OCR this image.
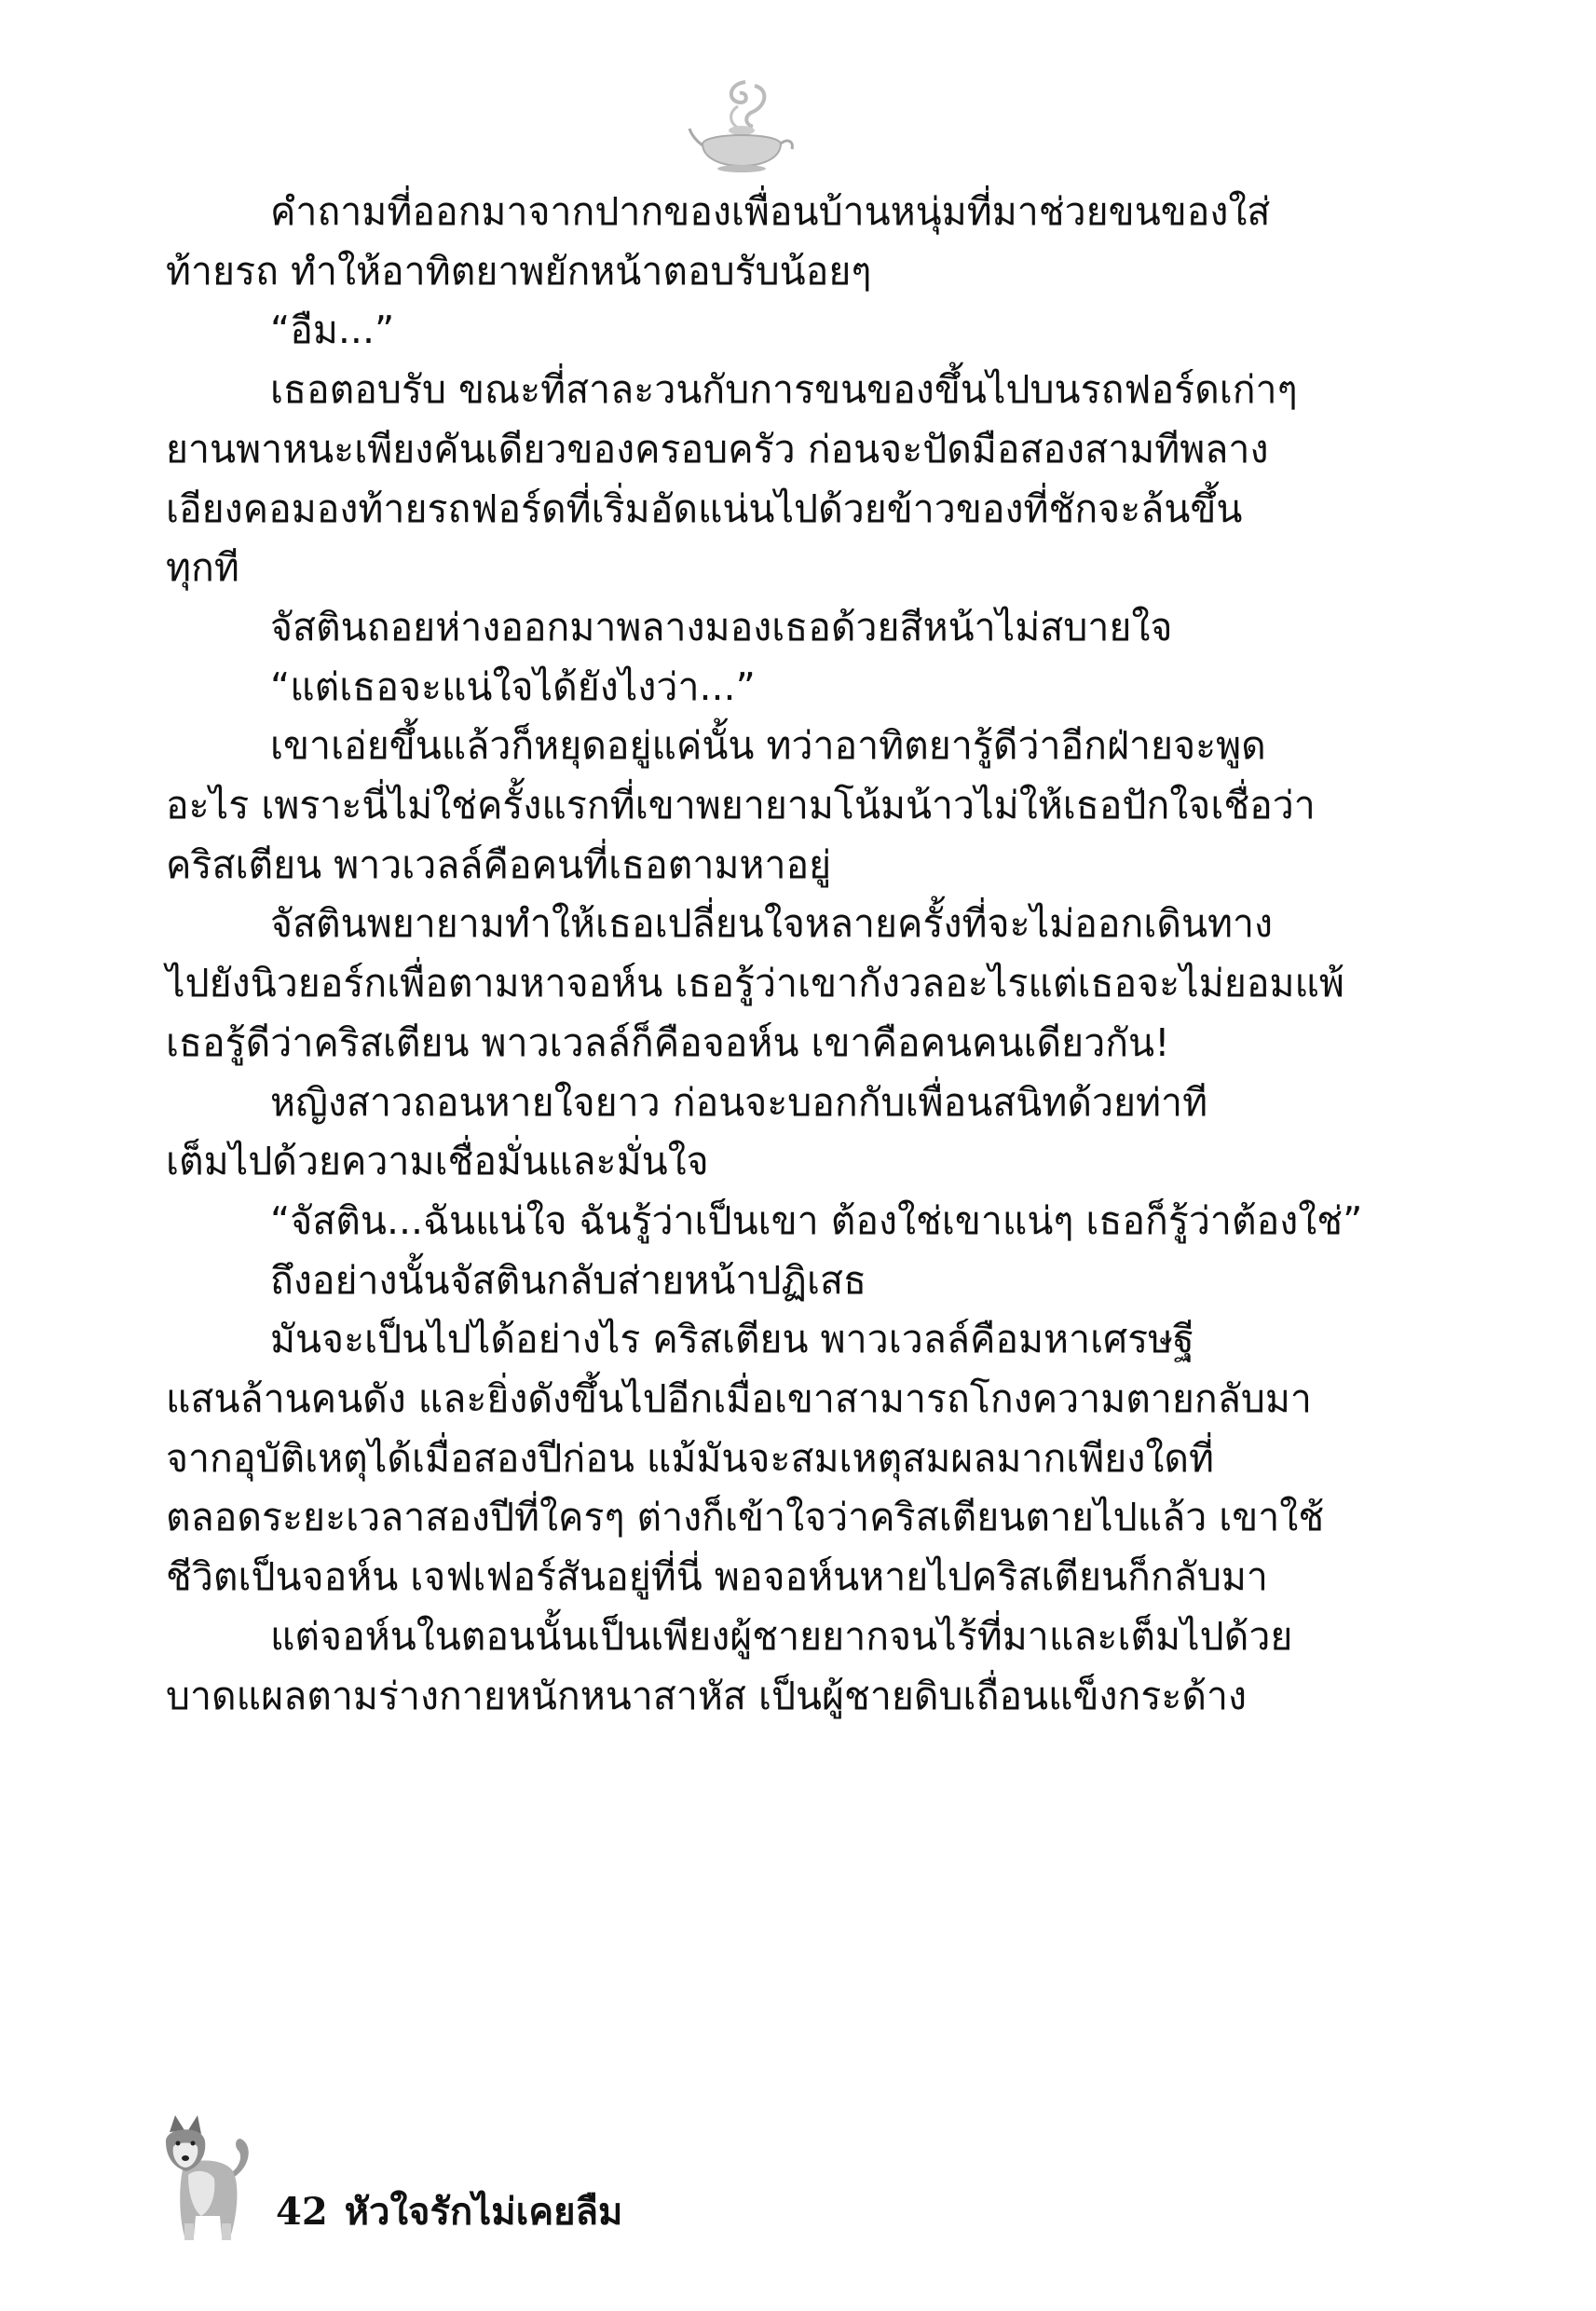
คำถามที่ออกมาจากปากของเพื่อนบ้านหนุ่มที่มาช่วยขนของใส่

ท้ายรถ ทำให้อาทิตยาพยักหน้าตอบรับน้อยๆ

“อืม...”

เธอตอบรับ ขณะที่สาละวนกับการขนของขึ้นไปบนรถฟอร์ดเก่าๆ

ยานพาหนะเพียงคันเดียวของครอบครัว ก่อนจะปัดมือสองสามทีพลาง

เอียงคอมองท้ายรถฟอร์ดที่เริ่มอัดแน่นไปด้วยข้าวของที่ชักจะล้นขึ้น

ทุกที

จัสตินถอยห่างออกมาพลางมองเธอด้วยสีหน้าไม่สบายใจ

“แต่เธอจะแน่ใจได้ยังไงว่า...”

เขาเอ่ยขึ้นแล้วก็หยุดอยู่แค่นั้น ทว่าอาทิตยารู้ดีว่าอีกฝ่ายจะพูด

อะไร เพราะนี่ไม่ใช่ครั้งแรกที่เขาพยายามโน้มน้าวไม่ให้เธอปักใจเชื่อว่า

คริสเตียน พาวเวลล์คือคนที่เธอตามหาอยู่

จัสตินพยายามทำให้เธอเปลี่ยนใจหลายครั้งที่จะไม่ออกเดินทาง

ไปยังนิวยอร์กเพื่อตามหาจอห์น เธอรู้ว่าเขากังวลอะไรแต่เธอจะไม่ยอมแพ้

เธอรู้ดีว่าคริสเตียน พาวเวลล์ก็คือจอห์น เขาคือคนคนเดียวกัน!

หญิงสาวถอนหายใจยาว ก่อนจะบอกกับเพื่อนสนิทด้วยท่าที

เต็มไปด้วยความเชื่อมั่นและมั่นใจ

“จัสติน...ฉันแน่ใจ ฉันรู้ว่าเป็นเขา ต้องใช่เขาแน่ๆ เธอก็รู้ว่าต้องใช่”

ถึงอย่างนั้นจัสตินกลับส่ายหน้าปฏิเสธ

มันจะเป็นไปได้อย่างไร คริสเตียน พาวเวลล์คือมหาเศรษฐี

แสนล้านคนดัง และยิ่งดังขึ้นไปอีกเมื่อเขาสามารถโกงความตายกลับมา

จากอุบัติเหตุได้เมื่อสองปีก่อน แม้มันจะสมเหตุสมผลมากเพียงใดที่

ตลอดระยะเวลาสองปีที่ใครๆ ต่างก็เข้าใจว่าคริสเตียนตายไปแล้ว เขาใช้

ชีวิตเป็นจอห์น เจฟเฟอร์สันอยู่ที่นี่ พอจอห์นหายไปคริสเตียนก็กลับมา

แต่จอห์นในตอนนั้นเป็นเพียงผู้ชายยากจนไร้ที่มาและเต็มไปด้วย

บาดแผลตามร่างกายหนักหนาสาหัส เป็นผู้ชายดิบเถื่อนแข็งกระด้าง

42 หัวใจรักไม่เคยลืม
